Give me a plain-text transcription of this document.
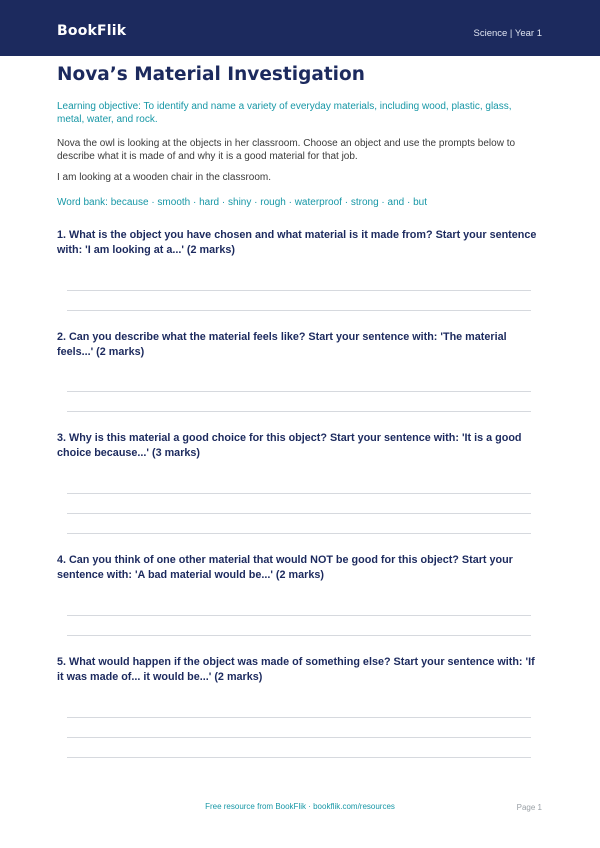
BookFlik	Science | Year 1
Nova’s Material Investigation
Learning objective: To identify and name a variety of everyday materials, including wood, plastic, glass, metal, water, and rock.
Nova the owl is looking at the objects in her classroom. Choose an object and use the prompts below to describe what it is made of and why it is a good material for that job.
I am looking at a wooden chair in the classroom.
Word bank: because · smooth · hard · shiny · rough · waterproof · strong · and · but
1. What is the object you have chosen and what material is it made from? Start your sentence with: 'I am looking at a...' (2 marks)
2. Can you describe what the material feels like? Start your sentence with: 'The material feels...' (2 marks)
3. Why is this material a good choice for this object? Start your sentence with: 'It is a good choice because...' (3 marks)
4. Can you think of one other material that would NOT be good for this object? Start your sentence with: 'A bad material would be...' (2 marks)
5. What would happen if the object was made of something else? Start your sentence with: 'If it was made of... it would be...' (2 marks)
Free resource from BookFlik · bookflik.com/resources	Page 1
